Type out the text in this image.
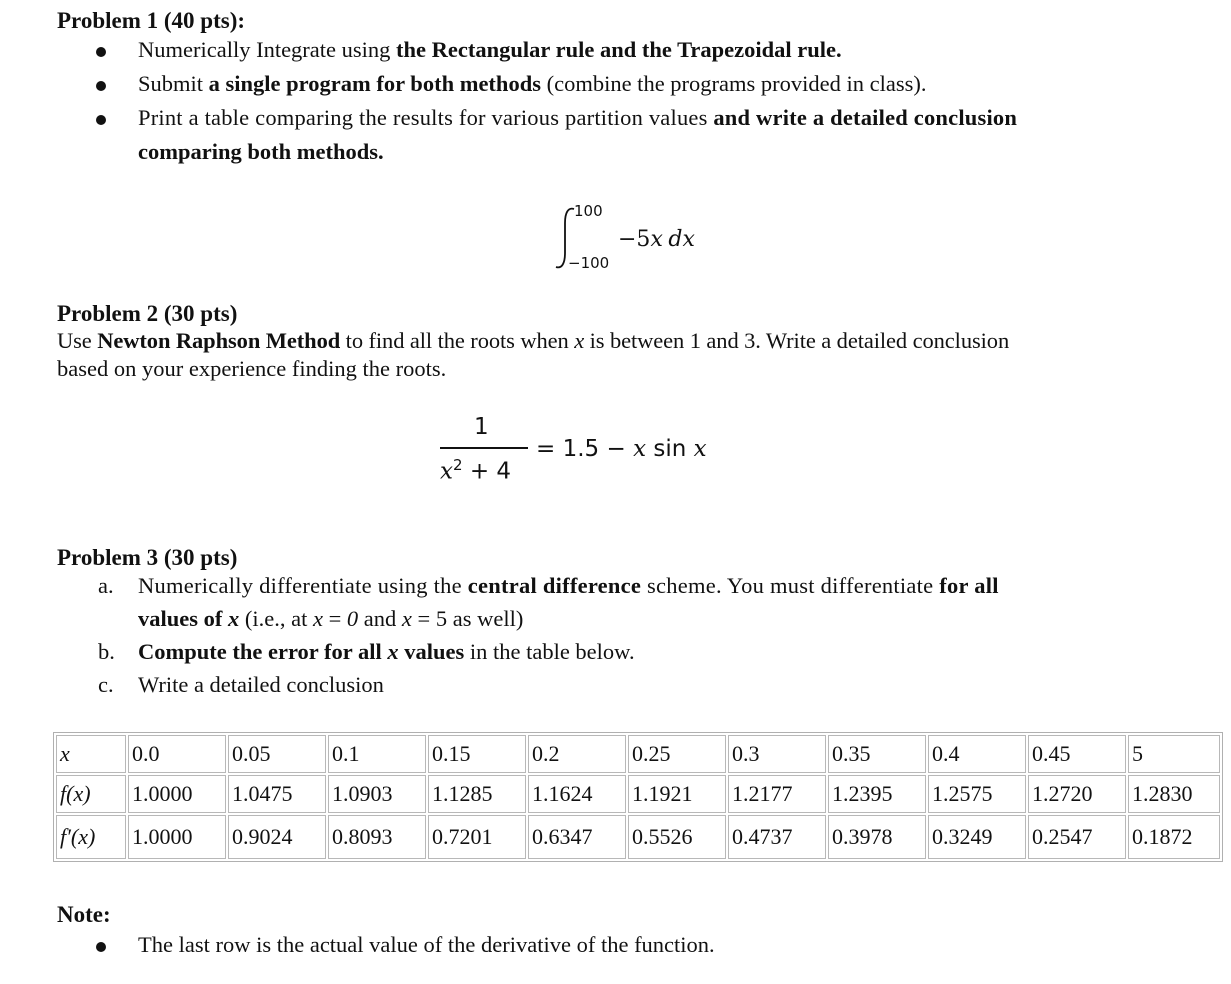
Problem 1 (40 pts):
Numerically Integrate using the Rectangular rule and the Trapezoidal rule.
Submit a single program for both methods (combine the programs provided in class).
Print a table comparing the results for various partition values and write a detailed conclusion
comparing both methods.
100
−100
−5x dx
Problem 2 (30 pts)
Use Newton Raphson Method to find all the roots when x is between 1 and 3. Write a detailed conclusion
based on your experience finding the roots.
1
$x^2 + 4$
= 1.5 − x sin x
Problem 3 (30 pts)
a. Numerically differentiate using the central difference scheme. You must differentiate for all
values of x (i.e., at x = 0 and x = 5 as well)
b. Compute the error for all x values in the table below.
c. Write a detailed conclusion
x	0.0	0.05	0.1	0.15	0.2	0.25	0.3	0.35	0.4	0.45	5
f(x)	1.0000	1.0475	1.0903	1.1285	1.1624	1.1921	1.2177	1.2395	1.2575	1.2720	1.2830
f′(x)	1.0000	0.9024	0.8093	0.7201	0.6347	0.5526	0.4737	0.3978	0.3249	0.2547	0.1872
Note:
The last row is the actual value of the derivative of the function.
